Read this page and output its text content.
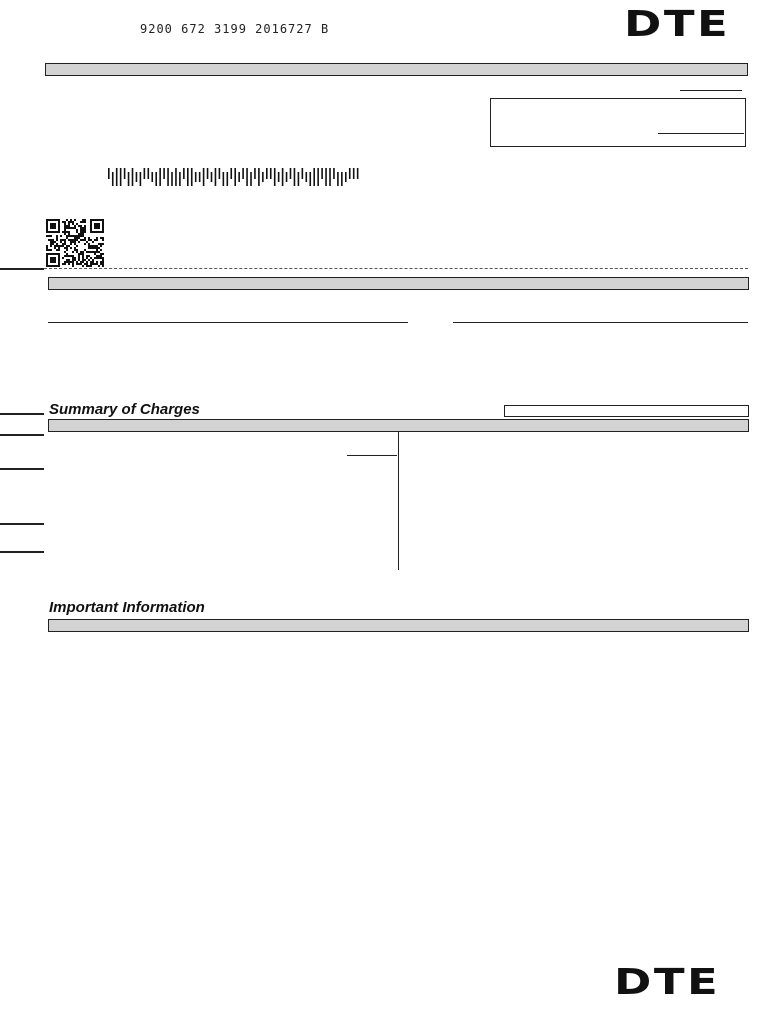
9200 672 3199 2016727 B	DTE
Summary of Charges
Important Information
DTE
